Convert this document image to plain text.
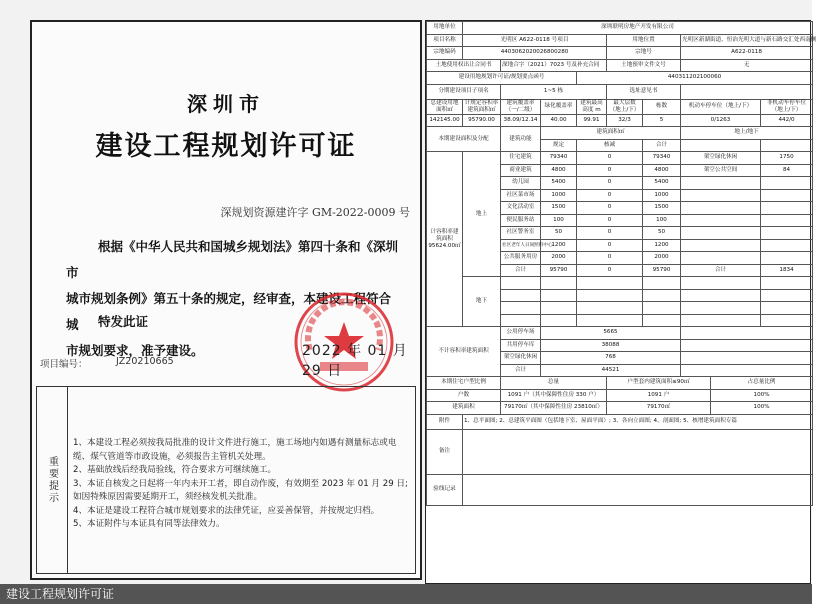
深圳市
建设工程规划许可证
深规划资源建许字 GM-2022-0009 号
根据《中华人民共和国城乡规划法》第四十条和《深圳市
城市规划条例》第五十条的规定，经审查，本建设工程符合城
市规划要求，准予建设。
特发此证
2022 年 01 月 29 日
项目编号：	JZ20210665
重要提示
1、本建设工程必须按我局批准的设计文件进行施工，施工场地内如遇有测量标志或电缆、煤气管道等市政设施，必须报告主管机关处理。
2、基础放线后经我局验线，符合要求方可继续施工。
3、本证自核发之日起将一年内未开工者，即自动作废，有效期至 2023 年 01 月 29 日; 如因特殊原因需要延期开工，须经核发机关批准。
4、本证是建设工程符合城市规划要求的法律凭证，应妥善保管，并按规定归档。
5、本证附件与本证具有同等法律效力。
用地单位	深圳联明房地产开发有限公司								
项目名称	光明区 A622-0118 号项目				用地位置		光明区新湖街道、恒治光明大道与新石路交汇处西南侧		
宗地编码	4403062020026800280				宗地号		A622-0118		
土地使用权出让合同书		深地合字（2021）7023 号及补充合同			土地预审文件文号		无		
建设用地规划许可证/规划要点函号				440311202100060					
分期建设项目子项名		1~5 栋			选址意见书				
总建设用地面积㎡	计规定容积率建筑面积㎡	建筑覆盖率（一/二级）	绿化覆盖率	建筑最高高度 m	最大层数（地上/下）	栋数	机动车停车位（地上/下）		非机动车停车位（地上/下）
142145.00	95790.00	38.09/12.14	40.00	99.91	32/3	5	0/1263		442/0
本期建设面积及分配		建筑功能	建筑面积㎡				地上/地下		
			规定	核减		合计			
计容积率建筑面积 95624.00㎡	地上	住宅建筑	79340	0		79340	架空绿化休闲		1750
		商业建筑	4800	0		4800	架空公共空间		84
		幼儿园	5400	0		5400			
		社区菜市场	1000	0		1000			
		文化活动室	1500	0		1500			
		便民服务站	100	0		100			
		社区警务室	50	0		50			
		社区老年人日间照料中心	1200	0		1200			
		公共服务用房	2000	0		2000			
		合计	95790	0		95790	合计		1834
	地下								

不计容积率建筑面积		公用停车场	5665						
		共用停车库	38088						
		架空绿化休闲	768						
		合计	44521						
本期住宅户型比例		总量			户型套内建筑面积≤90㎡			占总量比例	
户数		1091 户（其中保障性住房 330 户）			1091 户			100%	
建筑面积		79170㎡（其中保障性住房 23810㎡）			79170㎡			100%	
附件	1、总平面图; 2、总建筑平面图（包括地下室、屋面平面）; 3、各向立面图; 4、剖面图; 5、核增建筑面积专篇								
备注									
验线记录									
建设工程规划许可证
